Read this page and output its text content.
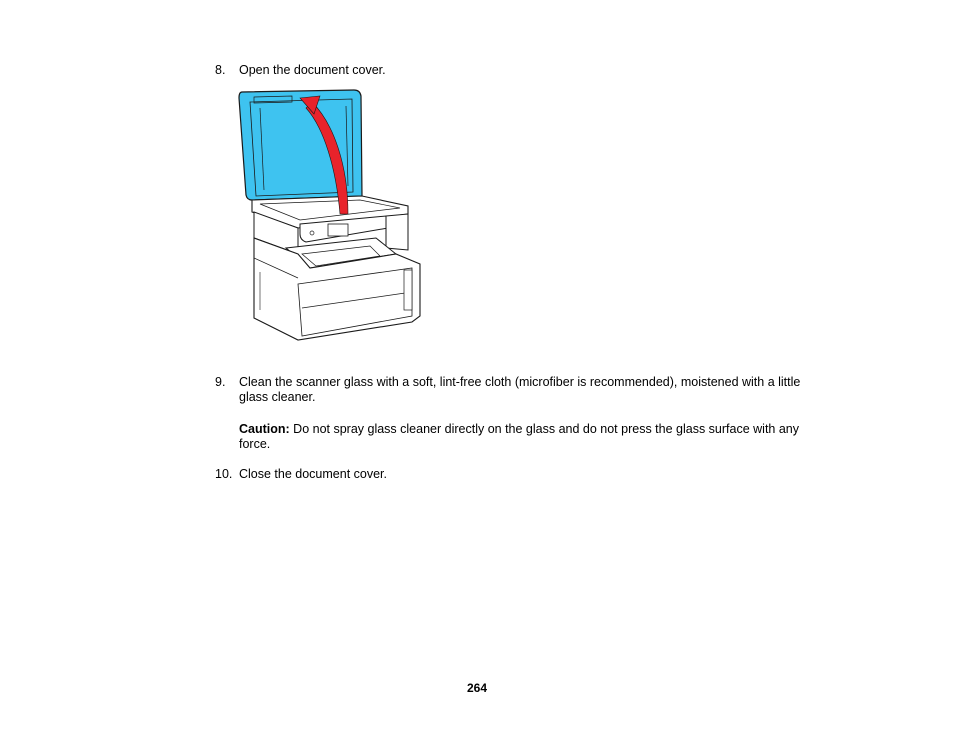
8. Open the document cover.
9. Clean the scanner glass with a soft, lint-free cloth (microfiber is recommended), moistened with a little glass cleaner.
Caution: Do not spray glass cleaner directly on the glass and do not press the glass surface with any force.
10. Close the document cover.
264
